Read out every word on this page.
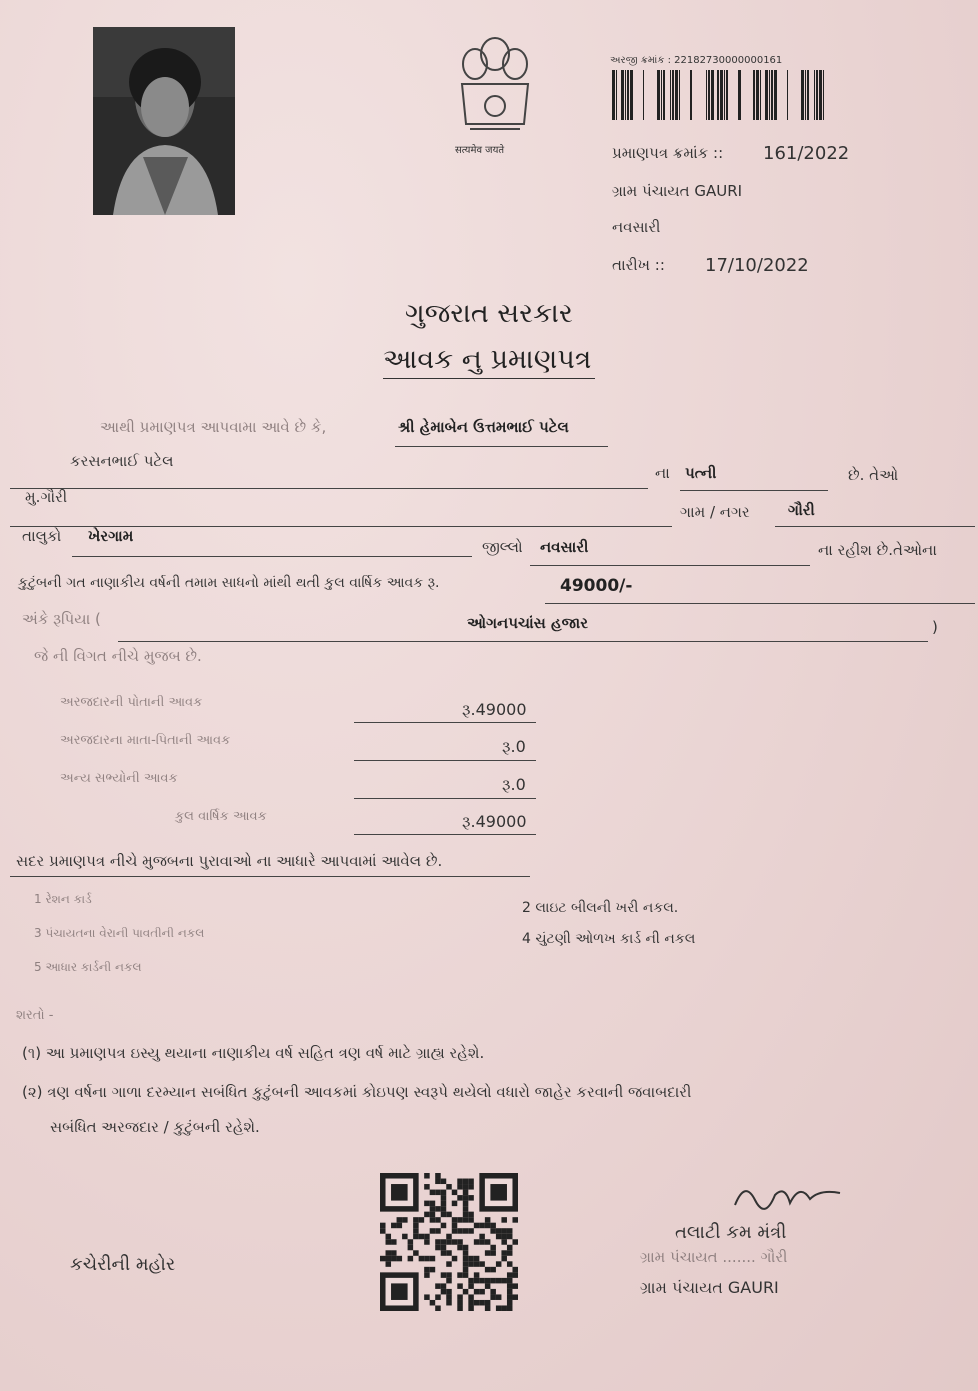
सत्यमेव जयते
અરજી ક્રમાંક : 22182730000000161
પ્રમાણપત્ર ક્રમાંક :: 161/2022
ગ્રામ પંચાયત GAURI
નવસારી
તારીખ :: 17/10/2022
ગુજરાત સરકાર
આવક નુ પ્રમાણપત્ર
આથી પ્રમાણપત્ર આપવામા આવે છે કે,	શ્રી હેમાબેન ઉત્તમભાઈ પટેલ
કરસનભાઈ પટેલ
ના પત્ની	છે. તેઓ
મુ.ગૌરી
ગામ / નગર	ગૌરી
તાલુકો ખેરગામ
જીલ્લો નવસારી	ના રહીશ છે.તેઓના
કુટુંબની ગત નાણાકીય વર્ષની તમામ સાધનો માંથી થતી કુલ વાર્ષિક આવક રૂ.	49000/-
અંકે રૂપિયા (	ઓગનપચાંસ હજાર	)
જે ની વિગત નીચે મુજબ છે.
અરજદારની પોતાની આવક	રૂ.49000
અરજદારના માતા-પિતાની આવક	રૂ.0
અન્ય સભ્યોની આવક	રૂ.0
કુલ વાર્ષિક આવક	રૂ.49000
સદર પ્રમાણપત્ર નીચે મુજબના પુરાવાઓ ના આધારે આપવામાં આવેલ છે.
1 રેશન કાર્ડ
3 પંચાયતના વેરાની પાવતીની નકલ
5 આધાર કાર્ડની નકલ
2 લાઇટ બીલની ખરી નકલ.
4 ચુંટણી ઓળખ કાર્ડ ની નકલ
શરતો -
(૧) આ પ્રમાણપત્ર ઇસ્યુ થયાના નાણાકીય વર્ષ સહિત ત્રણ વર્ષ માટે ગ્રાહ્ય રહેશે.
(૨) ત્રણ વર્ષના ગાળા દરમ્યાન સબંધિત કુટુંબની આવકમાં કોઇપણ સ્વરૂપે થયેલો વધારો જાહેર કરવાની જવાબદારી
સબંધિત અરજદાર / કુટુંબની રહેશે.
કચેરીની મહોર
તલાટી કમ મંત્રી
ગ્રામ પંચાયત ....... ગૌરી
ગ્રામ પંચાયત GAURI
